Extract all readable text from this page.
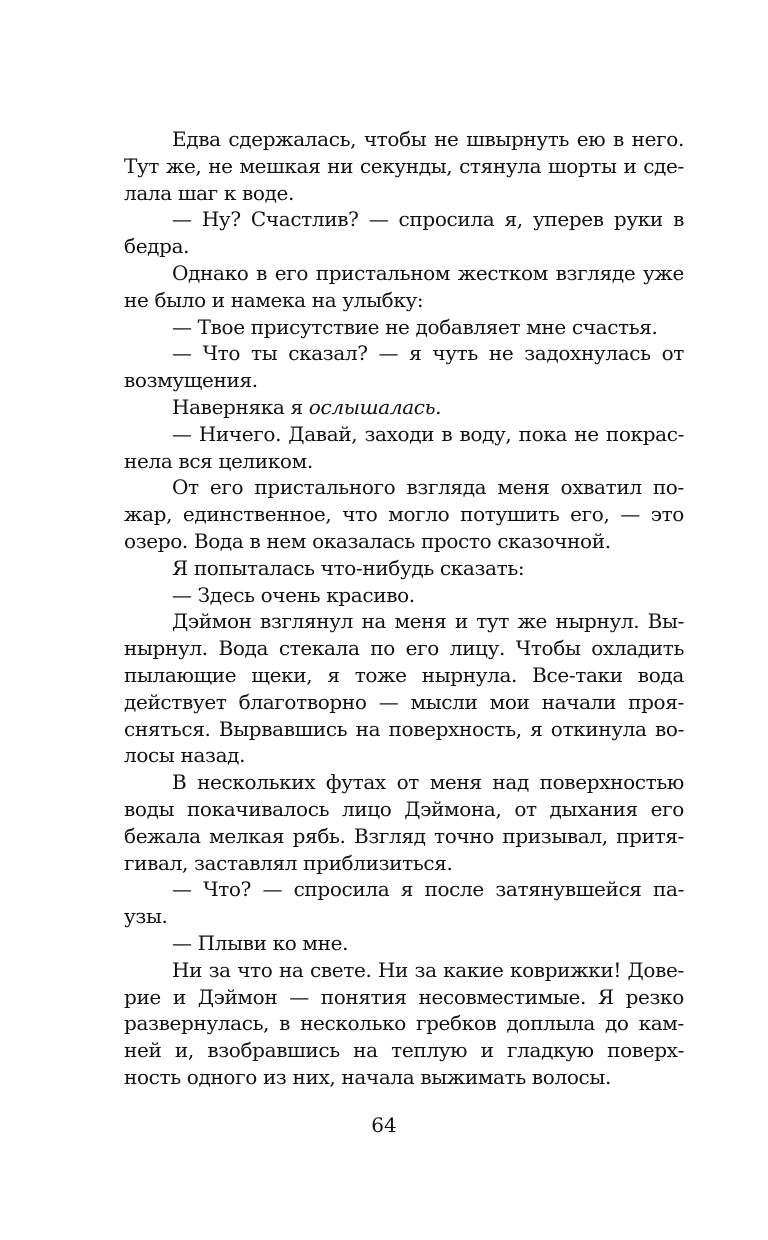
Едва сдержалась, чтобы не швырнуть ею в него.
Тут же, не мешкая ни секунды, стянула шорты и сде-
лала шаг к воде.
— Ну? Счастлив? — спросила я, уперев руки в
бедра.
Однако в его пристальном жестком взгляде уже
не было и намека на улыбку:
— Твое присутствие не добавляет мне счастья.
— Что ты сказал? — я чуть не задохнулась от
возмущения.
Наверняка я ослышалась.
— Ничего. Давай, заходи в воду, пока не покрас-
нела вся целиком.
От его пристального взгляда меня охватил по-
жар, единственное, что могло потушить его, — это
озеро. Вода в нем оказалась просто сказочной.
Я попыталась что-нибудь сказать:
— Здесь очень красиво.
Дэймон взглянул на меня и тут же нырнул. Вы-
нырнул. Вода стекала по его лицу. Чтобы охладить
пылающие щеки, я тоже нырнула. Все-таки вода
действует благотворно — мысли мои начали проя-
сняться. Вырвавшись на поверхность, я откинула во-
лосы назад.
В нескольких футах от меня над поверхностью
воды покачивалось лицо Дэймона, от дыхания его
бежала мелкая рябь. Взгляд точно призывал, притя-
гивал, заставлял приблизиться.
— Что? — спросила я после затянувшейся па-
узы.
— Плыви ко мне.
Ни за что на свете. Ни за какие коврижки! Дове-
рие и Дэймон — понятия несовместимые. Я резко
развернулась, в несколько гребков доплыла до кам-
ней и, взобравшись на теплую и гладкую поверх-
ность одного из них, начала выжимать волосы.
64
